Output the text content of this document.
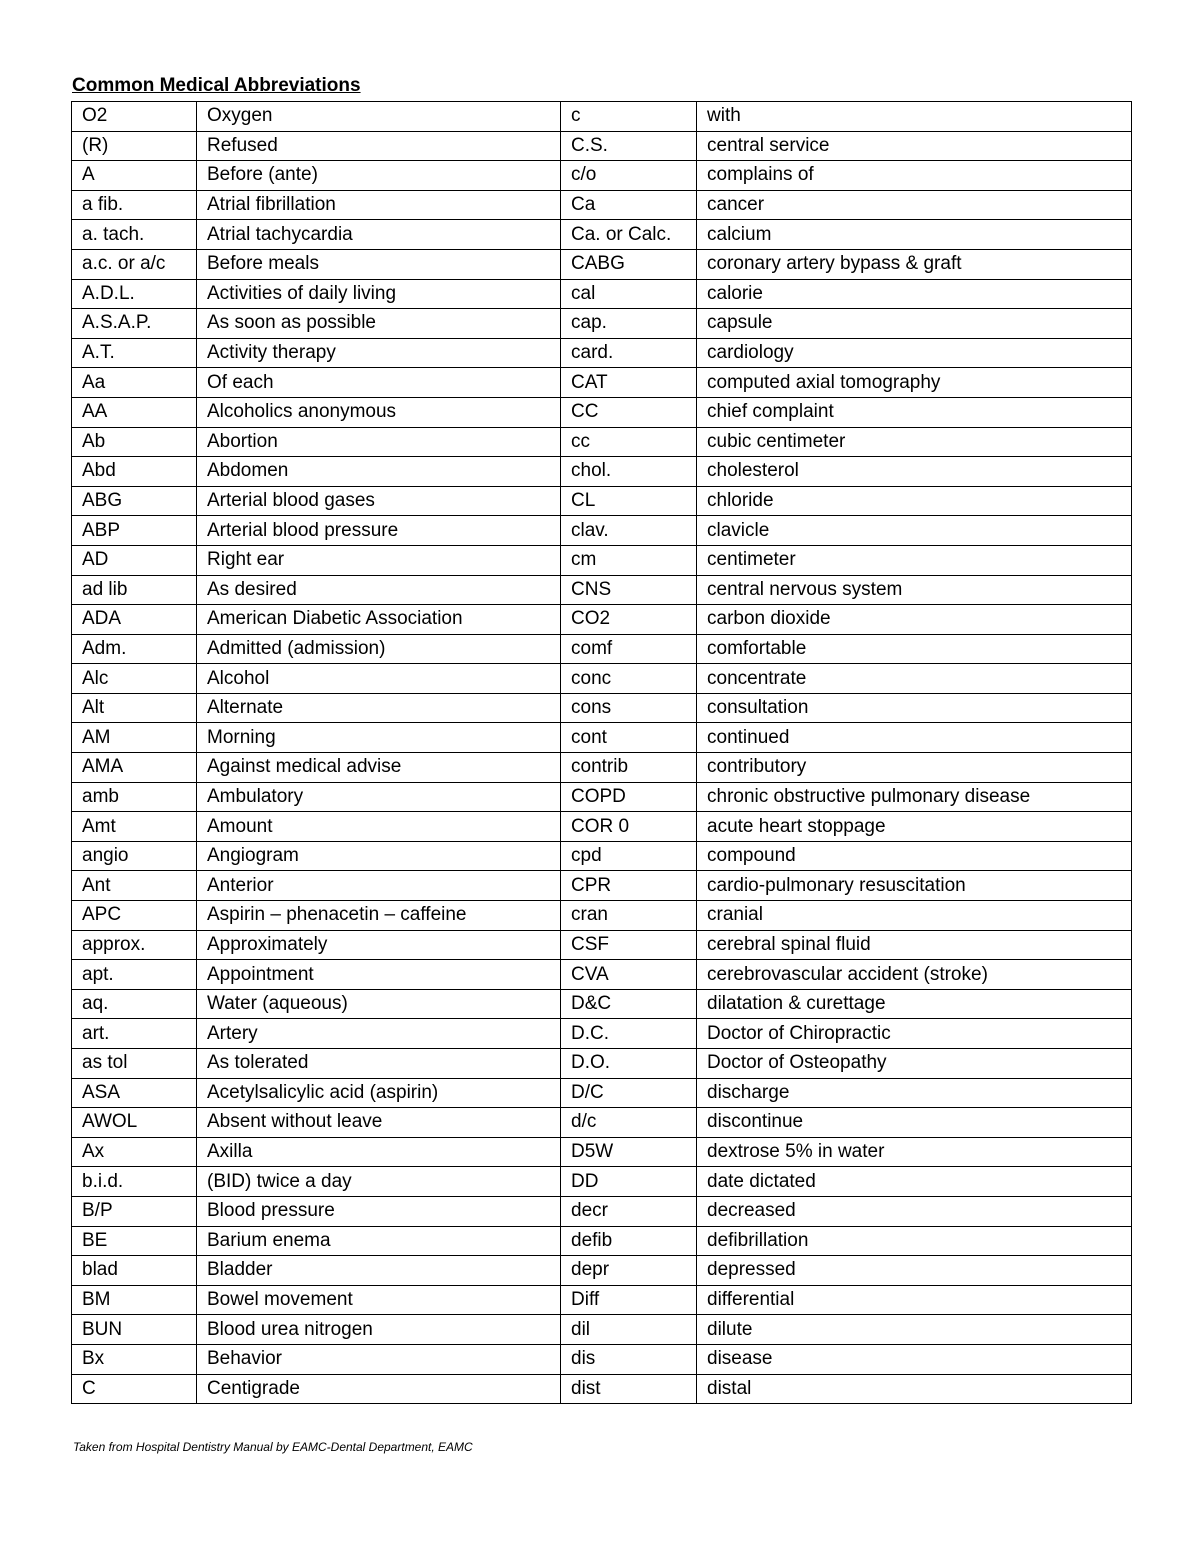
Common Medical Abbreviations
O2	Oxygen	c	with
(R)	Refused	C.S.	central service
A	Before (ante)	c/o	complains of
a fib.	Atrial fibrillation	Ca	cancer
a. tach.	Atrial tachycardia	Ca. or Calc.	calcium
a.c. or a/c	Before meals	CABG	coronary artery bypass & graft
A.D.L.	Activities of daily living	cal	calorie
A.S.A.P.	As soon as possible	cap.	capsule
A.T.	Activity therapy	card.	cardiology
Aa	Of each	CAT	computed axial tomography
AA	Alcoholics anonymous	CC	chief complaint
Ab	Abortion	cc	cubic centimeter
Abd	Abdomen	chol.	cholesterol
ABG	Arterial blood gases	CL	chloride
ABP	Arterial blood pressure	clav.	clavicle
AD	Right ear	cm	centimeter
ad lib	As desired	CNS	central nervous system
ADA	American Diabetic Association	CO2	carbon dioxide
Adm.	Admitted (admission)	comf	comfortable
Alc	Alcohol	conc	concentrate
Alt	Alternate	cons	consultation
AM	Morning	cont	continued
AMA	Against medical advise	contrib	contributory
amb	Ambulatory	COPD	chronic obstructive pulmonary disease
Amt	Amount	COR 0	acute heart stoppage
angio	Angiogram	cpd	compound
Ant	Anterior	CPR	cardio-pulmonary resuscitation
APC	Aspirin – phenacetin – caffeine	cran	cranial
approx.	Approximately	CSF	cerebral spinal fluid
apt.	Appointment	CVA	cerebrovascular accident (stroke)
aq.	Water (aqueous)	D&C	dilatation & curettage
art.	Artery	D.C.	Doctor of Chiropractic
as tol	As tolerated	D.O.	Doctor of Osteopathy
ASA	Acetylsalicylic acid (aspirin)	D/C	discharge
AWOL	Absent without leave	d/c	discontinue
Ax	Axilla	D5W	dextrose 5% in water
b.i.d.	(BID) twice a day	DD	date dictated
B/P	Blood pressure	decr	decreased
BE	Barium enema	defib	defibrillation
blad	Bladder	depr	depressed
BM	Bowel movement	Diff	differential
BUN	Blood urea nitrogen	dil	dilute
Bx	Behavior	dis	disease
C	Centigrade	dist	distal
Taken from Hospital Dentistry Manual by EAMC-Dental Department, EAMC
